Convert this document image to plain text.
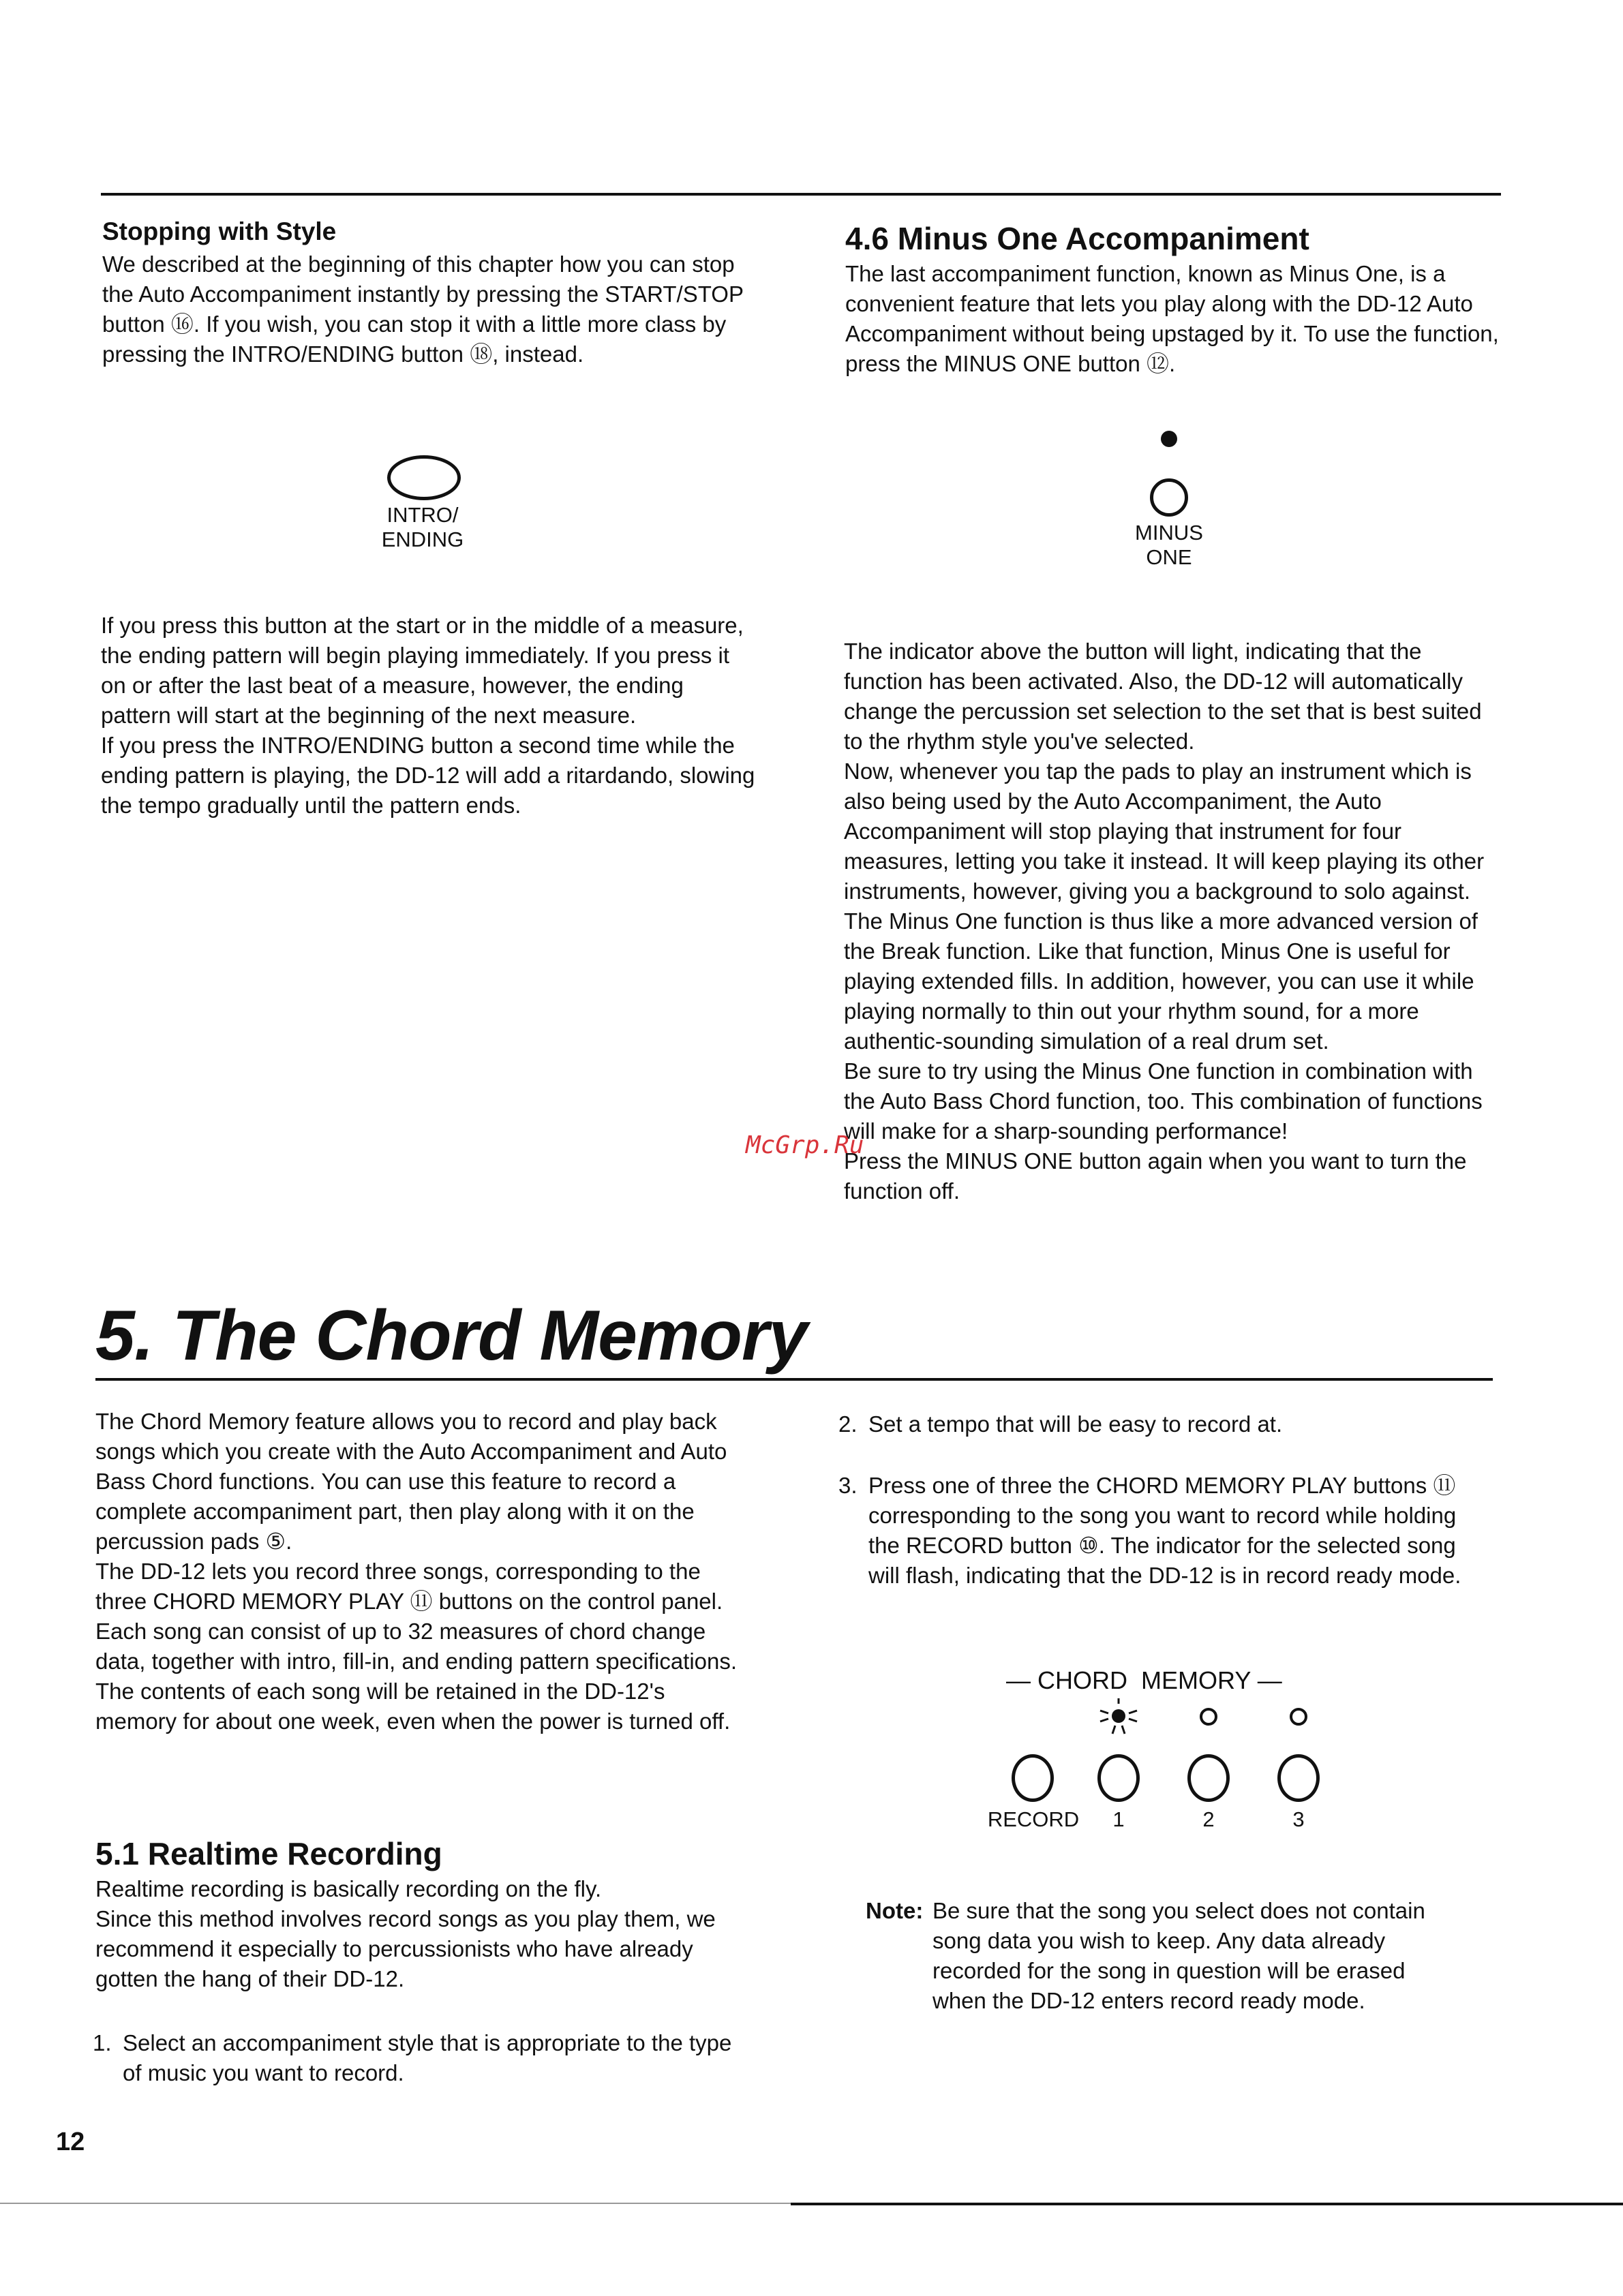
Stopping with Style

We described at the beginning of this chapter how you can stop the Auto Accompaniment instantly by pressing the START/STOP button ⑯. If you wish, you can stop it with a little more class by pressing the INTRO/ENDING button ⑱, instead.

INTRO/
ENDING

If you press this button at the start or in the middle of a measure, the ending pattern will begin playing immediately. If you press it on or after the last beat of a measure, however, the ending pattern will start at the beginning of the next measure.

If you press the INTRO/ENDING button a second time while the ending pattern is playing, the DD-12 will add a ritardando, slowing the tempo gradually until the pattern ends.

4.6 Minus One Accompaniment

The last accompaniment function, known as Minus One, is a convenient feature that lets you play along with the DD-12 Auto Accompaniment without being upstaged by it. To use the function, press the MINUS ONE button ⑫.

MINUS
ONE

The indicator above the button will light, indicating that the function has been activated. Also, the DD-12 will automatically change the percussion set selection to the set that is best suited to the rhythm style you've selected.

Now, whenever you tap the pads to play an instrument which is also being used by the Auto Accompaniment, the Auto Accompaniment will stop playing that instrument for four measures, letting you take it instead. It will keep playing its other instruments, however, giving you a background to solo against.

The Minus One function is thus like a more advanced version of the Break function. Like that function, Minus One is useful for playing extended fills. In addition, however, you can use it while playing normally to thin out your rhythm sound, for a more authentic-sounding simulation of a real drum set.

Be sure to try using the Minus One function in combination with the Auto Bass Chord function, too. This combination of functions will make for a sharp-sounding performance!

Press the MINUS ONE button again when you want to turn the function off.

McGrp.Ru
5. The Chord Memory

The Chord Memory feature allows you to record and play back songs which you create with the Auto Accompaniment and Auto Bass Chord functions. You can use this feature to record a complete accompaniment part, then play along with it on the percussion pads ⑤.

The DD-12 lets you record three songs, corresponding to the three CHORD MEMORY PLAY ⑪ buttons on the control panel. Each song can consist of up to 32 measures of chord change data, together with intro, fill-in, and ending pattern specifications. The contents of each song will be retained in the DD-12's memory for about one week, even when the power is turned off.

5.1 Realtime Recording

Realtime recording is basically recording on the fly.

Since this method involves record songs as you play them, we recommend it especially to percussionists who have already gotten the hang of their DD-12.

1. Select an accompaniment style that is appropriate to the type of music you want to record.
2. Set a tempo that will be easy to record at.
3. Press one of three the CHORD MEMORY PLAY buttons ⑪ corresponding to the song you want to record while holding the RECORD button ⑩. The indicator for the selected song will flash, indicating that the DD-12 is in record ready mode.
— CHORD  MEMORY —
RECORD	1	2	3
Note: Be sure that the song you select does not contain song data you wish to keep. Any data already recorded for the song in question will be erased when the DD-12 enters record ready mode.
12
